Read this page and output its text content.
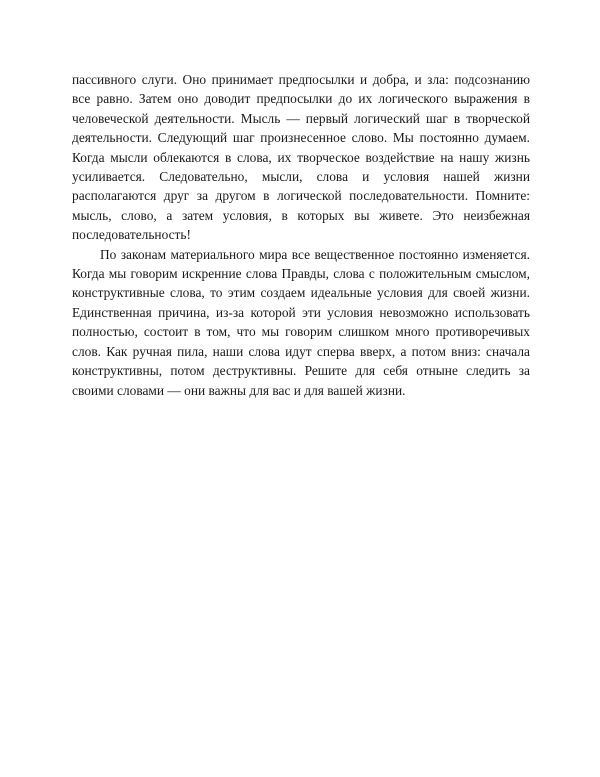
пассивного слуги. Оно принимает предпосылки и добра, и зла: подсознанию все равно. Затем оно доводит предпосылки до их логического выражения в человеческой деятельности. Мысль — первый логический шаг в творческой деятельности. Следующий шаг произнесенное слово. Мы постоянно думаем. Когда мысли облекаются в слова, их творческое воздействие на нашу жизнь усиливается. Следовательно, мысли, слова и условия нашей жизни располагаются друг за другом в логической последовательности. Помните: мысль, слово, а затем условия, в которых вы живете. Это неизбежная последовательность!

По законам материального мира все вещественное постоянно изменяется. Когда мы говорим искренние слова Правды, слова с положительным смыслом, конструктивные слова, то этим создаем идеальные условия для своей жизни. Единственная причина, из-за которой эти условия невозможно использовать полностью, состоит в том, что мы говорим слишком много противоречивых слов. Как ручная пила, наши слова идут сперва вверх, а потом вниз: сначала конструктивны, потом деструктивны. Решите для себя отныне следить за своими словами — они важны для вас и для вашей жизни.
